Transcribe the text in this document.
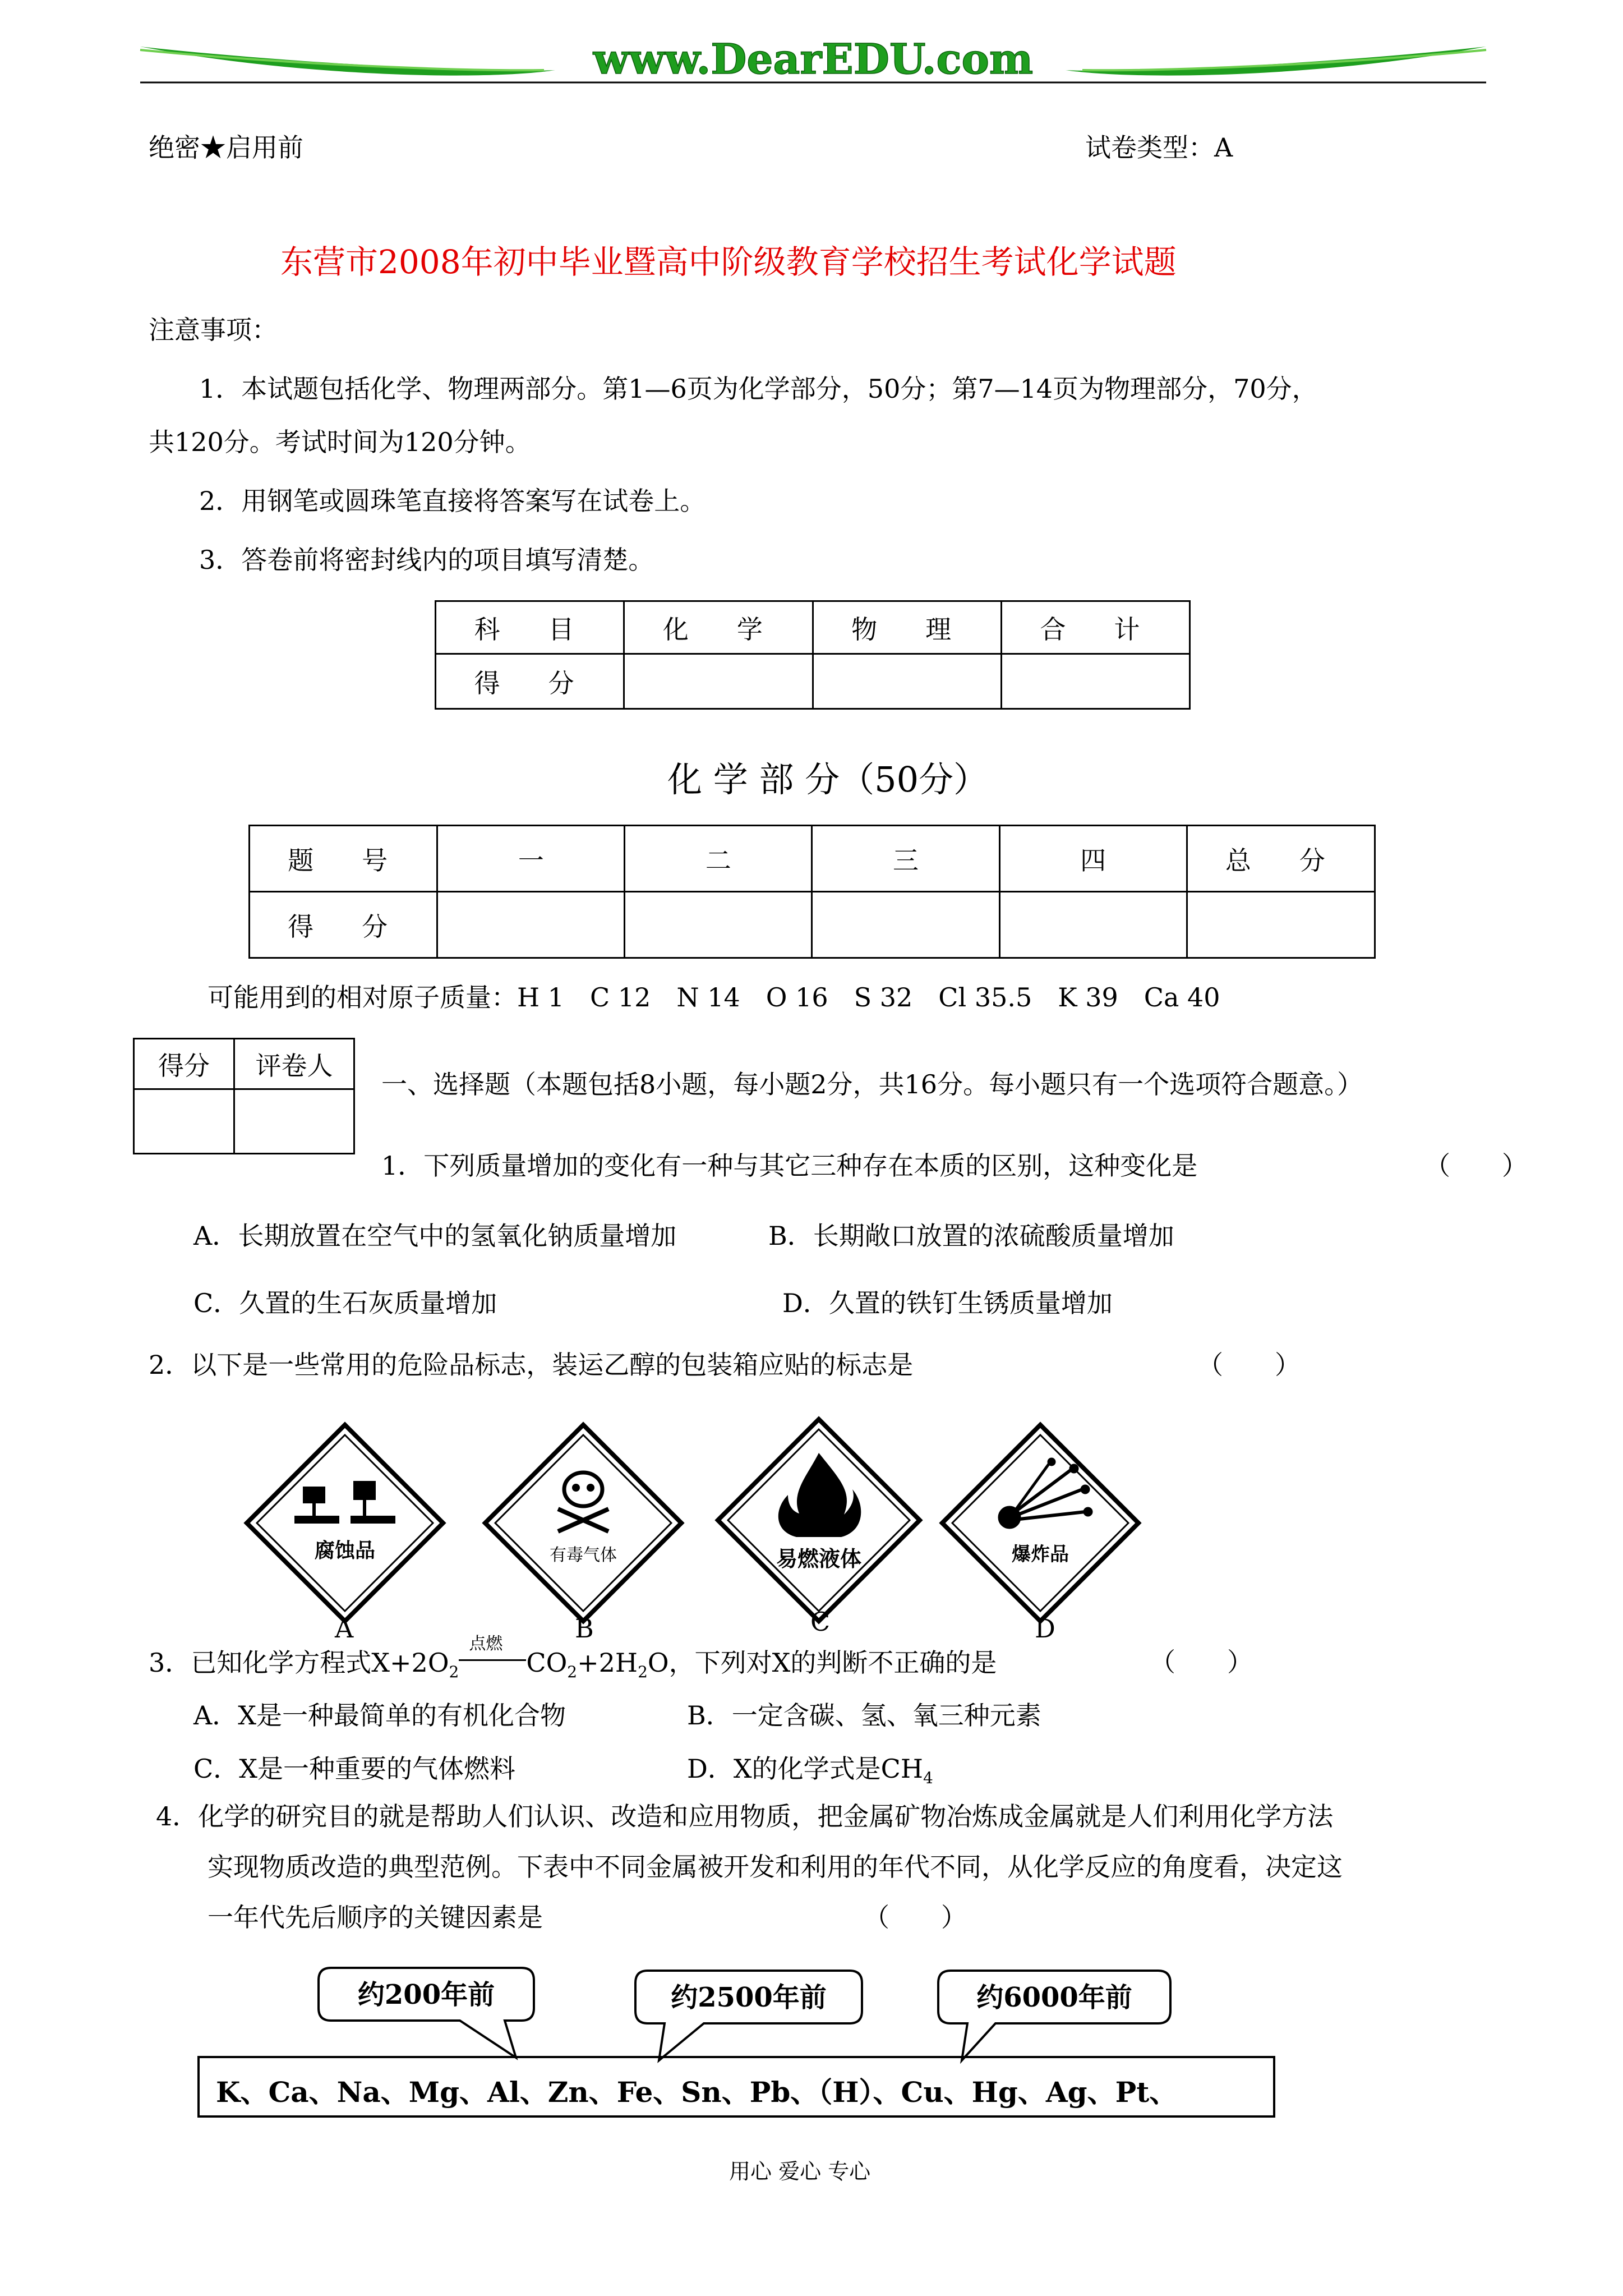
www.DearEDU.com
绝密★启用前	试卷类型：A
东营市2008年初中毕业暨高中阶级教育学校招生考试化学试题
注意事项：
1．本试题包括化学、物理两部分。第1—6页为化学部分，50分；第7—14页为物理部分，70分，
共120分。考试时间为120分钟。
2．用钢笔或圆珠笔直接将答案写在试卷上。
3．答卷前将密封线内的项目填写清楚。
科　目	化　学	物　理	合　计
得　分			
化 学 部 分（50分）
题　号	一	二	三	四	总　分
得　分					
可能用到的相对原子质量：H 1　C 12　N 14　O 16　S 32　Cl 35.5　K 39　Ca 40
得分	评卷人

一、选择题（本题包括8小题，每小题2分，共16分。每小题只有一个选项符合题意。）
1．下列质量增加的变化有一种与其它三种存在本质的区别，这种变化是	（　　）
A．长期放置在空气中的氢氧化钠质量增加	B．长期敞口放置的浓硫酸质量增加
C．久置的生石灰质量增加	D．久置的铁钉生锈质量增加
2．以下是一些常用的危险品标志，装运乙醇的包装箱应贴的标志是	（　　）
腐蚀品	有毒气体	易燃液体	爆炸品
A	B	C	D
3．已知化学方程式$X+2O_2$
点燃
$CO_2+2H_2O$，下列对X的判断不正确的是	（　　）
A．X是一种最简单的有机化合物	B．一定含碳、氢、氧三种元素
C．X是一种重要的气体燃料	D．X的化学式是$CH_4$
4．化学的研究目的就是帮助人们认识、改造和应用物质，把金属矿物冶炼成金属就是人们利用化学方法
实现物质改造的典型范例。下表中不同金属被开发和利用的年代不同，从化学反应的角度看，决定这
一年代先后顺序的关键因素是	（　　）
约200年前	约2500年前	约6000年前
K、Ca、Na、Mg、Al、Zn、Fe、Sn、Pb、（H）、Cu、Hg、Ag、Pt、
用心 爱心 专心
